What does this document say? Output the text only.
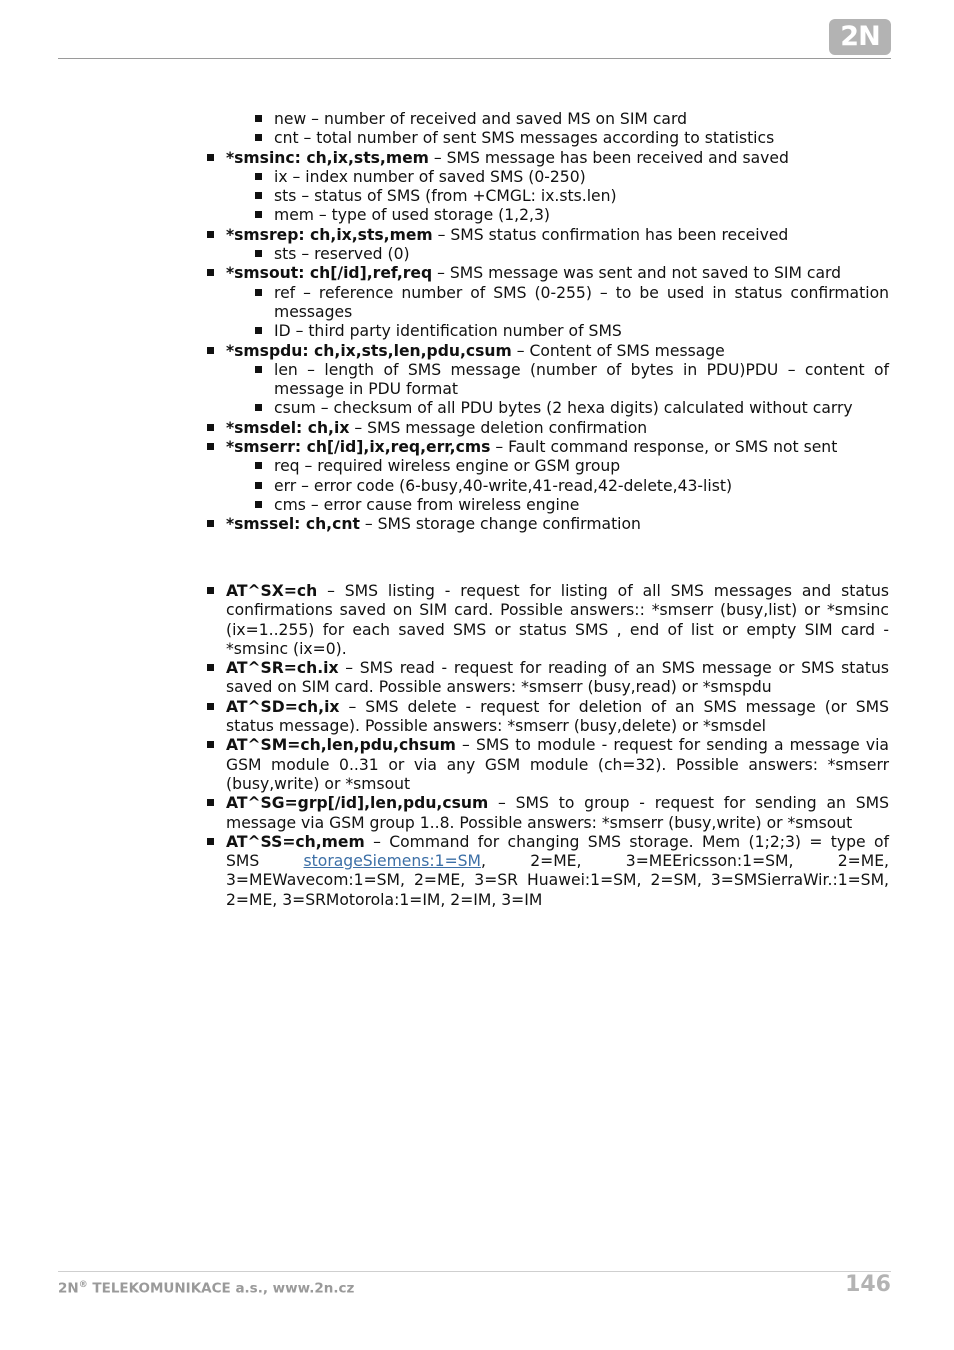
2N
new – number of received and saved MS on SIM card
cnt – total number of sent SMS messages according to statistics
*smsinc: ch,ix,sts,mem – SMS message has been received and saved
ix – index number of saved SMS (0-250)
sts – status of SMS (from +CMGL: ix.sts.len)
mem – type of used storage (1,2,3)
*smsrep: ch,ix,sts,mem – SMS status confirmation has been received
sts – reserved (0)
*smsout: ch[/id],ref,req – SMS message was sent and not saved to SIM card
ref – reference number of SMS (0-255) – to be used in status confirmation messages
ID – third party identification number of SMS
*smspdu: ch,ix,sts,len,pdu,csum – Content of SMS message
len – length of SMS message (number of bytes in PDU)PDU – content of message in PDU format
csum – checksum of all PDU bytes (2 hexa digits) calculated without carry
*smsdel: ch,ix – SMS message deletion confirmation
*smserr: ch[/id],ix,req,err,cms – Fault command response, or SMS not sent
req – required wireless engine or GSM group
err – error code (6-busy,40-write,41-read,42-delete,43-list)
cms – error cause from wireless engine
*smssel: ch,cnt – SMS storage change confirmation
AT^SX=ch – SMS listing - request for listing of all SMS messages and status confirmations saved on SIM card. Possible answers:: *smserr (busy,list) or *smsinc (ix=1..255) for each saved SMS or status SMS , end of list or empty SIM card - *smsinc (ix=0).
AT^SR=ch.ix – SMS read - request for reading of an SMS message or SMS status saved on SIM card. Possible answers: *smserr (busy,read) or *smspdu
AT^SD=ch,ix – SMS delete - request for deletion of an SMS message (or SMS status message). Possible answers: *smserr (busy,delete) or *smsdel
AT^SM=ch,len,pdu,chsum – SMS to module - request for sending a message via GSM module 0..31 or via any GSM module (ch=32). Possible answers: *smserr (busy,write) or *smsout
AT^SG=grp[/id],len,pdu,csum – SMS to group - request for sending an SMS message via GSM group 1..8. Possible answers: *smserr (busy,write) or *smsout
AT^SS=ch,mem – Command for changing SMS storage. Mem (1;2;3) = type of SMS storageSiemens:1=SM, 2=ME, 3=MEEricsson:1=SM, 2=ME, 3=MEWavecom:1=SM, 2=ME, 3=SR Huawei:1=SM, 2=SM, 3=SMSierraWir.:1=SM, 2=ME, 3=SRMotorola:1=IM, 2=IM, 3=IM
2N® TELEKOMUNIKACE a.s., www.2n.cz	146
